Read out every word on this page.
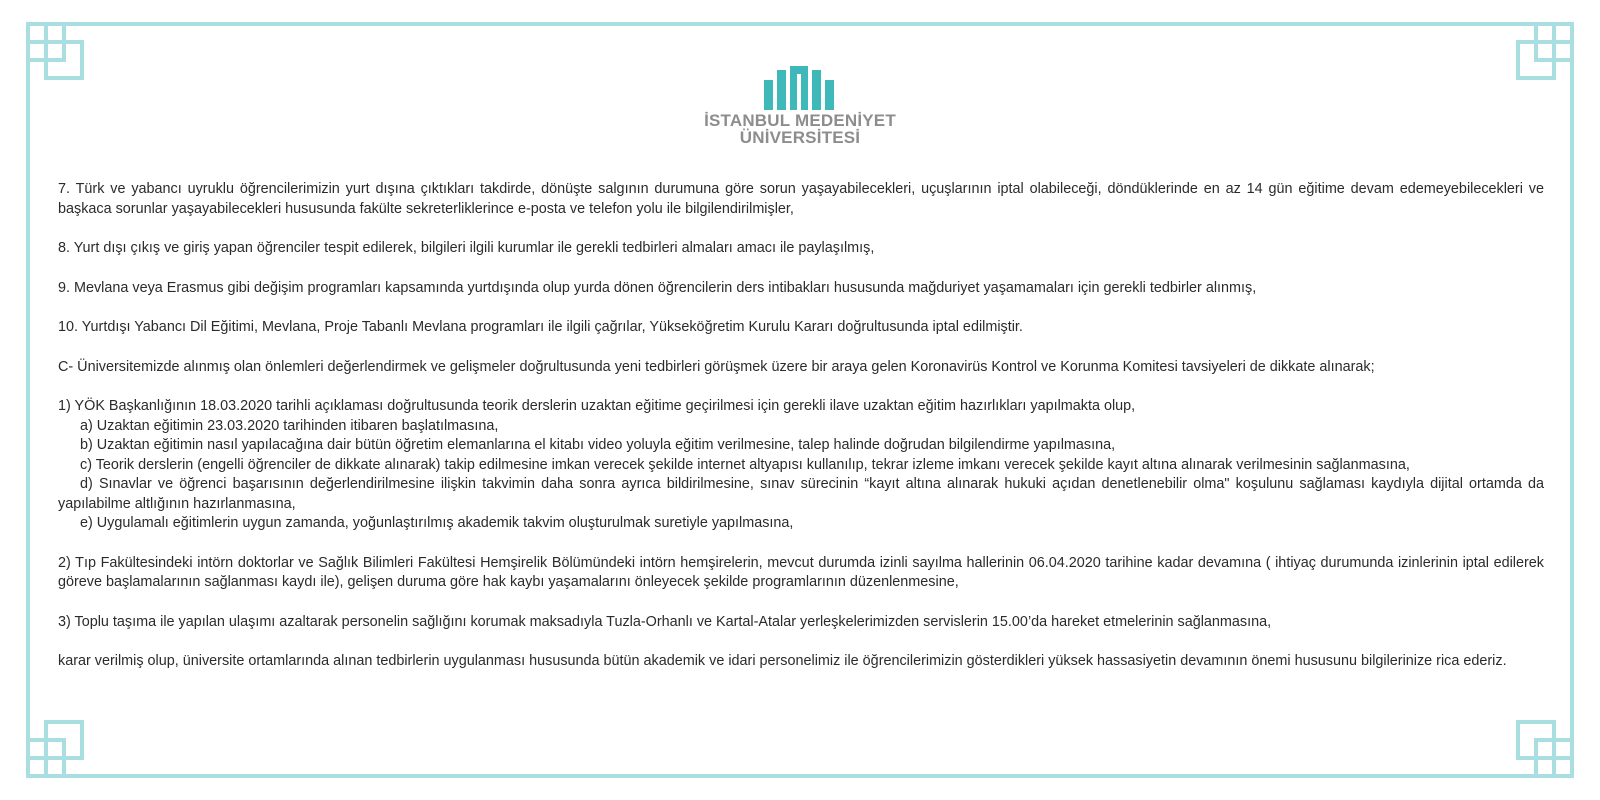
İSTANBUL MEDENİYET
ÜNİVERSİTESİ

7. Türk ve yabancı uyruklu öğrencilerimizin yurt dışına çıktıkları takdirde, dönüşte salgının durumuna göre sorun yaşayabilecekleri, uçuşlarının iptal olabileceği, döndüklerinde en az 14 gün eğitime devam edemeyebilecekleri ve başkaca sorunlar yaşayabilecekleri hususunda fakülte sekreterliklerince e-posta ve telefon yolu ile bilgilendirilmişler,

8. Yurt dışı çıkış ve giriş yapan öğrenciler tespit edilerek, bilgileri ilgili kurumlar ile gerekli tedbirleri almaları amacı ile paylaşılmış,

9. Mevlana veya Erasmus gibi değişim programları kapsamında yurtdışında olup yurda dönen öğrencilerin ders intibakları hususunda mağduriyet yaşamamaları için gerekli tedbirler alınmış,

10. Yurtdışı Yabancı Dil Eğitimi, Mevlana, Proje Tabanlı Mevlana programları ile ilgili çağrılar, Yükseköğretim Kurulu Kararı doğrultusunda iptal edilmiştir.

C- Üniversitemizde alınmış olan önlemleri değerlendirmek ve gelişmeler doğrultusunda yeni tedbirleri görüşmek üzere bir araya gelen Koronavirüs Kontrol ve Korunma Komitesi tavsiyeleri de dikkate alınarak;

1) YÖK Başkanlığının 18.03.2020 tarihli açıklaması doğrultusunda teorik derslerin uzaktan eğitime geçirilmesi için gerekli ilave uzaktan eğitim hazırlıkları yapılmakta olup,

a) Uzaktan eğitimin 23.03.2020 tarihinden itibaren başlatılmasına,

b) Uzaktan eğitimin nasıl yapılacağına dair bütün öğretim elemanlarına el kitabı video yoluyla eğitim verilmesine, talep halinde doğrudan bilgilendirme yapılmasına,

c) Teorik derslerin (engelli öğrenciler de dikkate alınarak) takip edilmesine imkan verecek şekilde internet altyapısı kullanılıp, tekrar izleme imkanı verecek şekilde kayıt altına alınarak verilmesinin sağlanmasına,

d) Sınavlar ve öğrenci başarısının değerlendirilmesine ilişkin takvimin daha sonra ayrıca bildirilmesine, sınav sürecinin “kayıt altına alınarak hukuki açıdan denetlenebilir olma" koşulunu sağlaması kaydıyla dijital ortamda da yapılabilme altlığının hazırlanmasına,

e) Uygulamalı eğitimlerin uygun zamanda, yoğunlaştırılmış akademik takvim oluşturulmak suretiyle yapılmasına,

2) Tıp Fakültesindeki intörn doktorlar ve Sağlık Bilimleri Fakültesi Hemşirelik Bölümündeki intörn hemşirelerin, mevcut durumda izinli sayılma hallerinin 06.04.2020 tarihine kadar devamına ( ihtiyaç durumunda izinlerinin iptal edilerek göreve başlamalarının sağlanması kaydı ile), gelişen duruma göre hak kaybı yaşamalarını önleyecek şekilde programlarının düzenlenmesine,

3) Toplu taşıma ile yapılan ulaşımı azaltarak personelin sağlığını korumak maksadıyla Tuzla-Orhanlı ve Kartal-Atalar yerleşkelerimizden servislerin 15.00’da hareket etmelerinin sağlanmasına,

karar verilmiş olup, üniversite ortamlarında alınan tedbirlerin uygulanması hususunda bütün akademik ve idari personelimiz ile öğrencilerimizin gösterdikleri yüksek hassasiyetin devamının önemi hususunu bilgilerinize rica ederiz.
